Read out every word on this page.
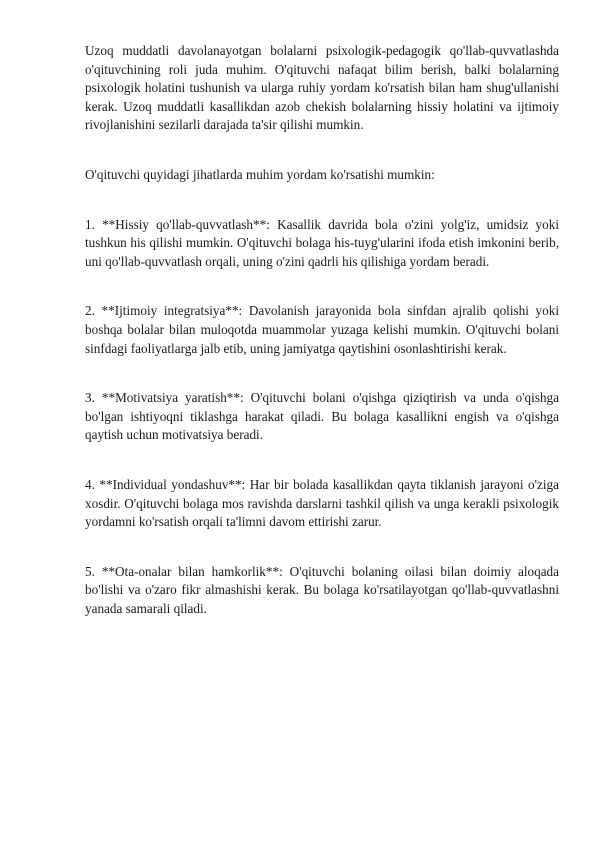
Uzoq muddatli davolanayotgan bolalarni psixologik-pedagogik qo'llab-quvvatlashda o'qituvchining roli juda muhim. O'qituvchi nafaqat bilim berish, balki bolalarning psixologik holatini tushunish va ularga ruhiy yordam ko'rsatish bilan ham shug'ullanishi kerak. Uzoq muddatli kasallikdan azob chekish bolalarning hissiy holatini va ijtimoiy rivojlanishini sezilarli darajada ta'sir qilishi mumkin.

O'qituvchi quyidagi jihatlarda muhim yordam ko'rsatishi mumkin:

1. **Hissiy qo'llab-quvvatlash**: Kasallik davrida bola o'zini yolg'iz, umidsiz yoki tushkun his qilishi mumkin. O'qituvchi bolaga his-tuyg'ularini ifoda etish imkonini berib, uni qo'llab-quvvatlash orqali, uning o'zini qadrli his qilishiga yordam beradi.

2. **Ijtimoiy integratsiya**: Davolanish jarayonida bola sinfdan ajralib qolishi yoki boshqa bolalar bilan muloqotda muammolar yuzaga kelishi mumkin. O'qituvchi bolani sinfdagi faoliyatlarga jalb etib, uning jamiyatga qaytishini osonlashtirishi kerak.

3. **Motivatsiya yaratish**: O'qituvchi bolani o'qishga qiziqtirish va unda o'qishga bo'lgan ishtiyoqni tiklashga harakat qiladi. Bu bolaga kasallikni engish va o'qishga qaytish uchun motivatsiya beradi.

4. **Individual yondashuv**: Har bir bolada kasallikdan qayta tiklanish jarayoni o'ziga xosdir. O'qituvchi bolaga mos ravishda darslarni tashkil qilish va unga kerakli psixologik yordamni ko'rsatish orqali ta'limni davom ettirishi zarur.

5. **Ota-onalar bilan hamkorlik**: O'qituvchi bolaning oilasi bilan doimiy aloqada bo'lishi va o'zaro fikr almashishi kerak. Bu bolaga ko'rsatilayotgan qo'llab-quvvatlashni yanada samarali qiladi.
